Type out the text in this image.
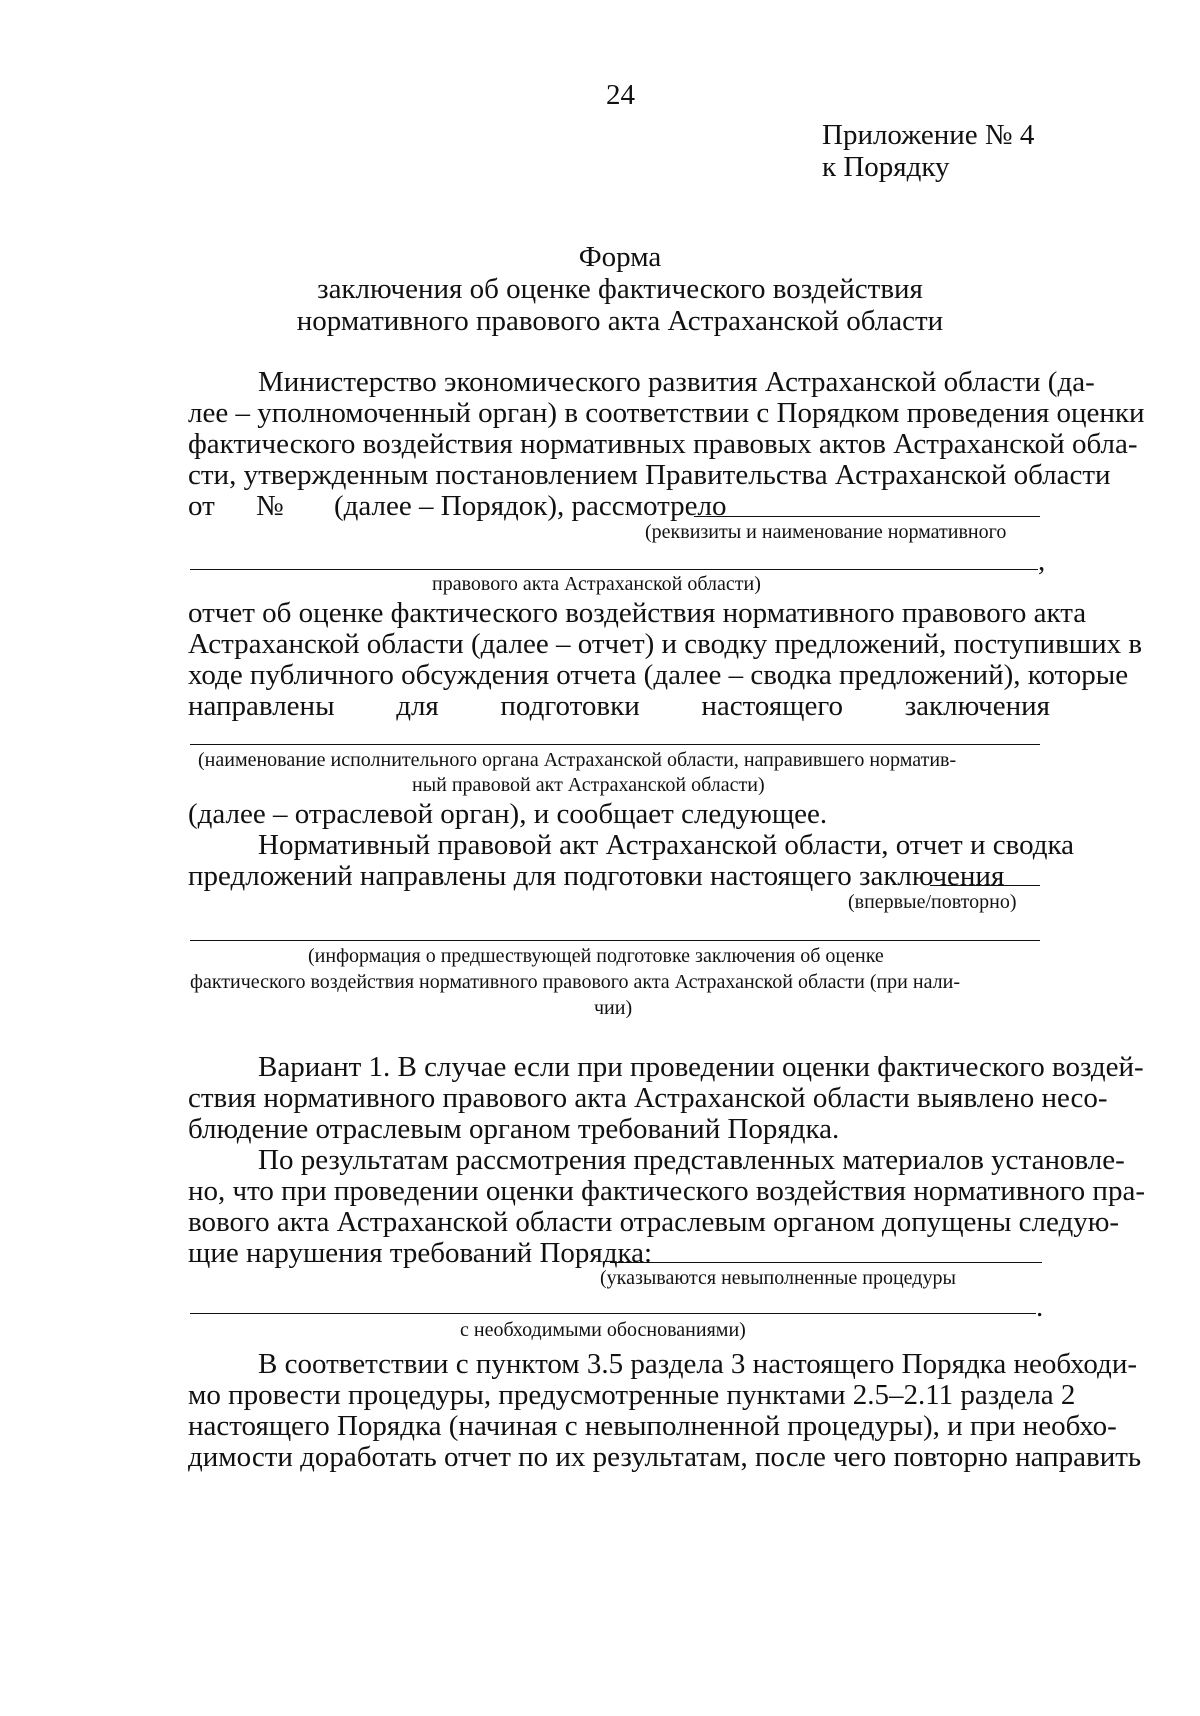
24
Приложение № 4
к Порядку
Форма
заключения об оценке фактического воздействия
нормативного правового акта Астраханской области
Министерство экономического развития Астраханской области (да-
лее – уполномоченный орган) в соответствии с Порядком проведения оценки
фактического воздействия нормативных правовых актов Астраханской обла-
сти, утвержденным постановлением Правительства Астраханской области
от № (далее – Порядок), рассмотрело
(реквизиты и наименование нормативного
,
правового акта Астраханской области)
отчет об оценке фактического воздействия нормативного правового акта
Астраханской области (далее – отчет) и сводку предложений, поступивших в
ходе публичного обсуждения отчета (далее – сводка предложений), которые
направлены для подготовки настоящего заключения
(наименование исполнительного органа Астраханской области, направившего норматив-
ный правовой акт Астраханской области)
(далее – отраслевой орган), и сообщает следующее.
Нормативный правовой акт Астраханской области, отчет и сводка
предложений направлены для подготовки настоящего заключения
(впервые/повторно)
(информация о предшествующей подготовке заключения об оценке
фактического воздействия нормативного правового акта Астраханской области (при нали-
чии)
Вариант 1. В случае если при проведении оценки фактического воздей-
ствия нормативного правового акта Астраханской области выявлено несо-
блюдение отраслевым органом требований Порядка.
По результатам рассмотрения представленных материалов установле-
но, что при проведении оценки фактического воздействия нормативного пра-
вового акта Астраханской области отраслевым органом допущены следую-
щие нарушения требований Порядка:
(указываются невыполненные процедуры
.
с необходимыми обоснованиями)
В соответствии с пунктом 3.5 раздела 3 настоящего Порядка необходи-
мо провести процедуры, предусмотренные пунктами 2.5–2.11 раздела 2
настоящего Порядка (начиная с невыполненной процедуры), и при необхо-
димости доработать отчет по их результатам, после чего повторно направить
